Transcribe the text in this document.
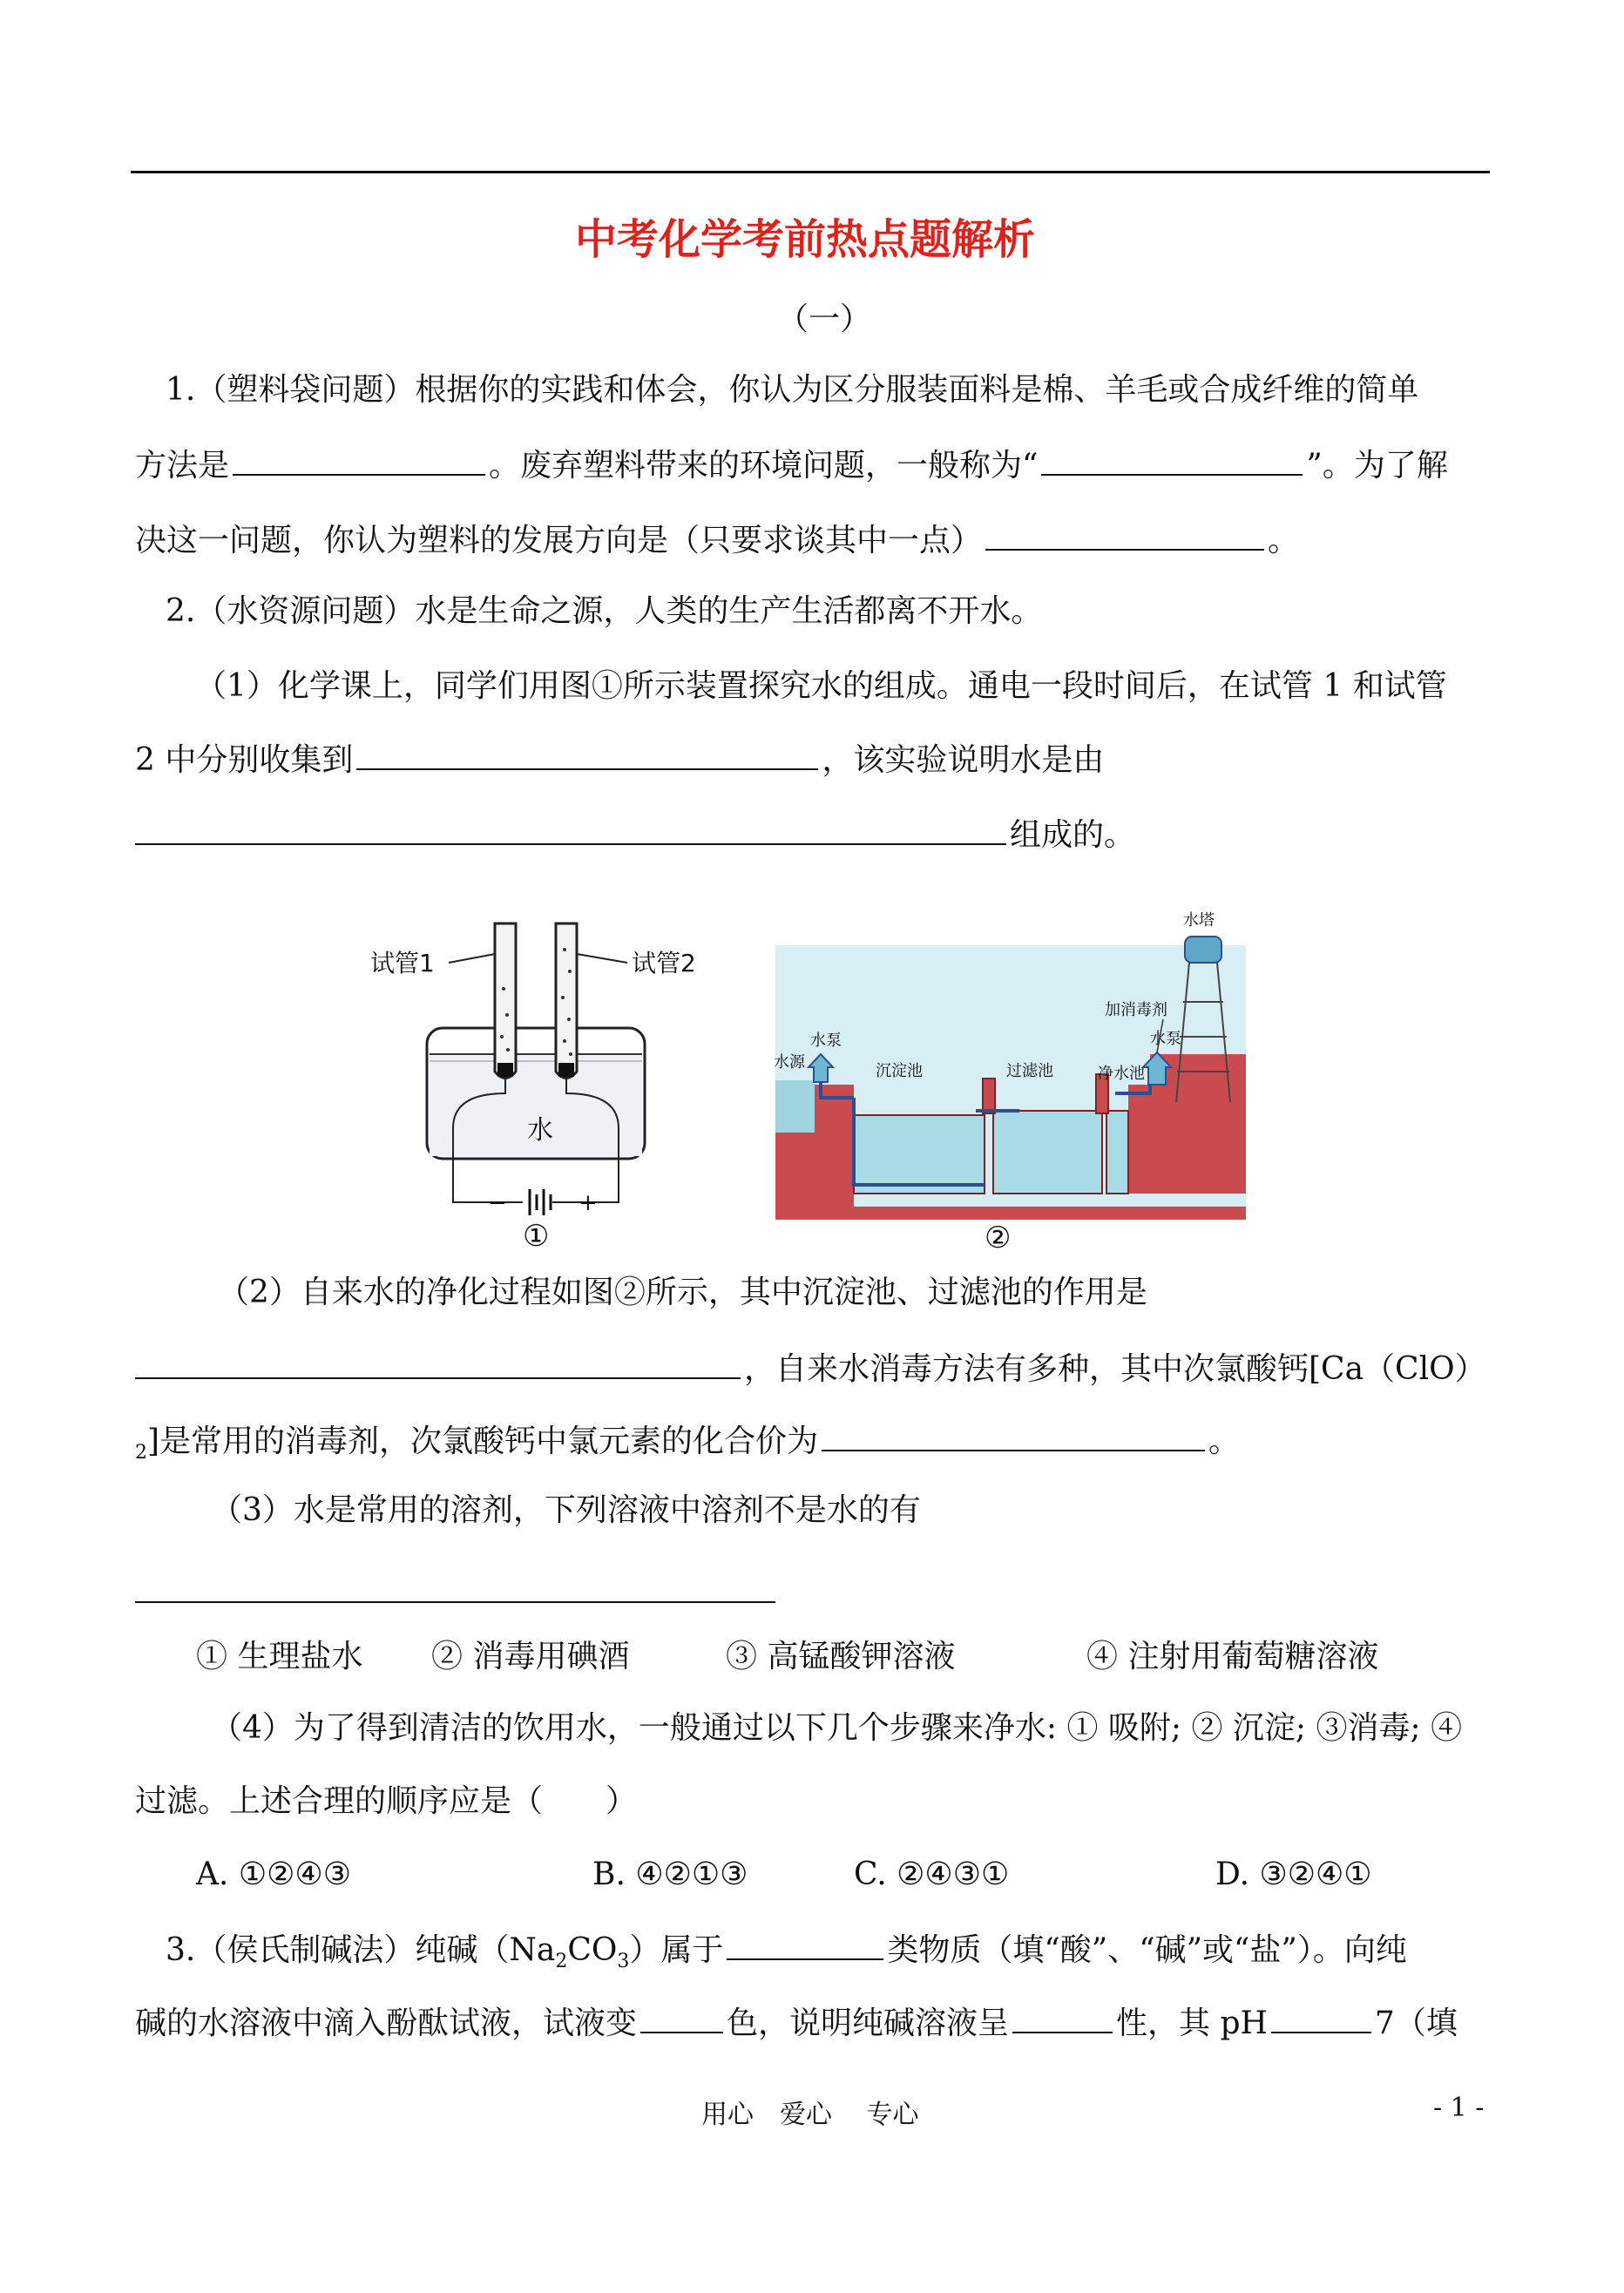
中考化学考前热点题解析
（一）
1.（塑料袋问题）根据你的实践和体会，你认为区分服装面料是棉、羊毛或合成纤维的简单
方法是	。废弃塑料带来的环境问题，一般称为“	”。为了解
决这一问题，你认为塑料的发展方向是（只要求谈其中一点）	。
2.（水资源问题）水是生命之源，人类的生产生活都离不开水。
（1）化学课上，同学们用图①所示装置探究水的组成。通电一段时间后，在试管 1 和试管
2 中分别收集到	，该实验说明水是由
组成的。
试管1	试管2
水
−	+
①
水塔
加消毒剂
水泵	水泵
水源	沉淀池	过滤池	净水池
②
（2）自来水的净化过程如图②所示，其中沉淀池、过滤池的作用是
，自来水消毒方法有多种，其中次氯酸钙[Ca（ClO）
$_2$]是常用的消毒剂，次氯酸钙中氯元素的化合价为	。
（3）水是常用的溶剂，下列溶液中溶剂不是水的有
① 生理盐水 ② 消毒用碘酒	③ 高锰酸钾溶液	④ 注射用葡萄糖溶液
（4）为了得到清洁的饮用水，一般通过以下几个步骤来净水: ① 吸附; ② 沉淀; ③消毒; ④
过滤。上述合理的顺序应是（　　）
A. ①②④③	B. ④②①③	C. ②④③①	D. ③②④①
3.（侯氏制碱法）纯碱$(Na_2CO_3)$属于	类物质（填“酸”、“碱”或“盐”）。向纯
碱的水溶液中滴入酚酞试液，试液变	色，说明纯碱溶液呈	性，其 pH	7（填
用心　爱心　 专心	- 1 -
